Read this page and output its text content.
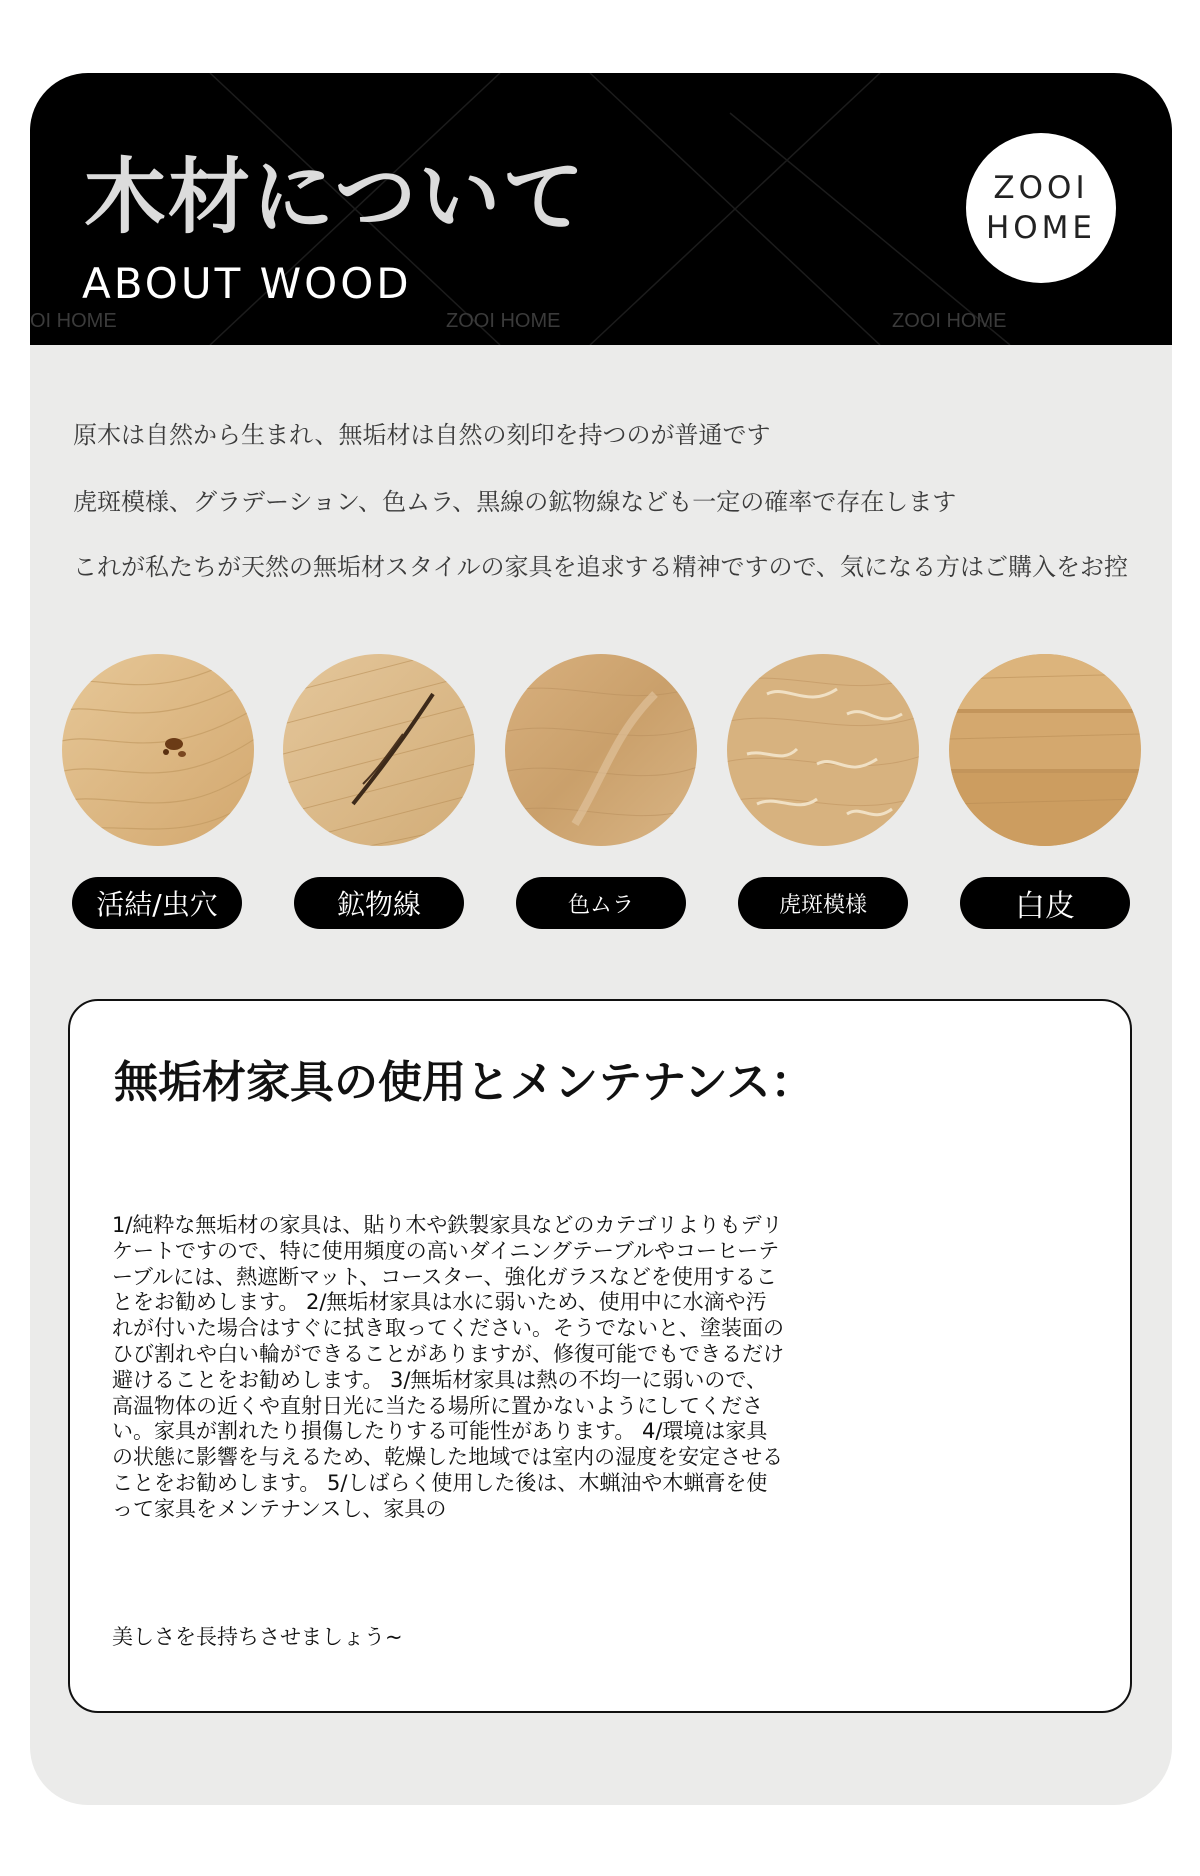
木材について
ABOUT WOOD
OI HOME	ZOOI HOME	ZOOI HOME
ZOOI
HOME
原木は自然から生まれ、無垢材は自然の刻印を持つのが普通です
虎斑模様、グラデーション、色ムラ、黒線の鉱物線なども一定の確率で存在します
これが私たちが天然の無垢材スタイルの家具を追求する精神ですので、気になる方はご購入をお控
活結/虫穴	鉱物線	色ムラ	虎斑模様	白皮
無垢材家具の使用とメンテナンス：
1/純粋な無垢材の家具は、貼り木や鉄製家具などのカテゴリよりもデリケートですので、特に使用頻度の高いダイニングテーブルやコーヒーテーブルには、熱遮断マット、コースター、強化ガラスなどを使用することをお勧めします。 2/無垢材家具は水に弱いため、使用中に水滴や汚れが付いた場合はすぐに拭き取ってください。そうでないと、塗装面のひび割れや白い輪ができることがありますが、修復可能でもできるだけ避けることをお勧めします。 3/無垢材家具は熱の不均一に弱いので、高温物体の近くや直射日光に当たる場所に置かないようにしてください。家具が割れたり損傷したりする可能性があります。 4/環境は家具の状態に影響を与えるため、乾燥した地域では室内の湿度を安定させることをお勧めします。 5/しばらく使用した後は、木蝋油や木蝋膏を使って家具をメンテナンスし、家具の
美しさを長持ちさせましょう~
